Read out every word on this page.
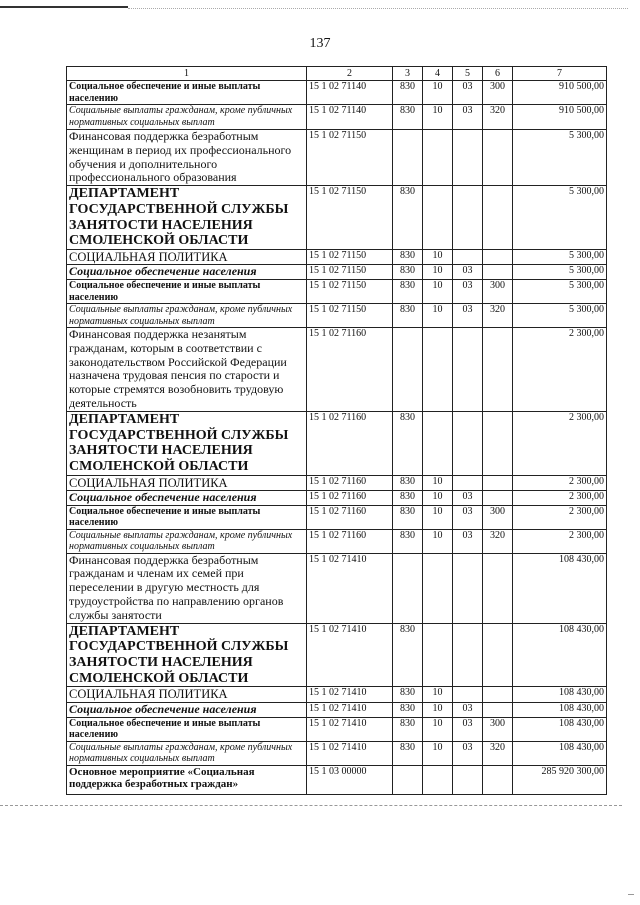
137
1	2	3	4	5	6	7
Социальное обеспечение и иные выплаты населению	15 1 02 71140	830	10	03	300	910 500,00
Социальные выплаты гражданам, кроме публичных нормативных социальных выплат	15 1 02 71140	830	10	03	320	910 500,00
Финансовая поддержка безработным женщинам в период их профессионального обучения и дополнительного профессионального образования	15 1 02 71150					5 300,00
ДЕПАРТАМЕНТ ГОСУДАРСТВЕННОЙ СЛУЖБЫ ЗАНЯТОСТИ НАСЕЛЕНИЯ СМОЛЕНСКОЙ ОБЛАСТИ	15 1 02 71150	830				5 300,00
СОЦИАЛЬНАЯ ПОЛИТИКА	15 1 02 71150	830	10			5 300,00
Социальное обеспечение населения	15 1 02 71150	830	10	03		5 300,00
Социальное обеспечение и иные выплаты населению	15 1 02 71150	830	10	03	300	5 300,00
Социальные выплаты гражданам, кроме публичных нормативных социальных выплат	15 1 02 71150	830	10	03	320	5 300,00
Финансовая поддержка незанятым гражданам, которым в соответствии с законодательством Российской Федерации назначена трудовая пенсия по старости и которые стремятся возобновить трудовую деятельность	15 1 02 71160					2 300,00
ДЕПАРТАМЕНТ ГОСУДАРСТВЕННОЙ СЛУЖБЫ ЗАНЯТОСТИ НАСЕЛЕНИЯ СМОЛЕНСКОЙ ОБЛАСТИ	15 1 02 71160	830				2 300,00
СОЦИАЛЬНАЯ ПОЛИТИКА	15 1 02 71160	830	10			2 300,00
Социальное обеспечение населения	15 1 02 71160	830	10	03		2 300,00
Социальное обеспечение и иные выплаты населению	15 1 02 71160	830	10	03	300	2 300,00
Социальные выплаты гражданам, кроме публичных нормативных социальных выплат	15 1 02 71160	830	10	03	320	2 300,00
Финансовая поддержка безработным гражданам и членам их семей при переселении в другую местность для трудоустройства по направлению органов службы занятости	15 1 02 71410					108 430,00
ДЕПАРТАМЕНТ ГОСУДАРСТВЕННОЙ СЛУЖБЫ ЗАНЯТОСТИ НАСЕЛЕНИЯ СМОЛЕНСКОЙ ОБЛАСТИ	15 1 02 71410	830				108 430,00
СОЦИАЛЬНАЯ ПОЛИТИКА	15 1 02 71410	830	10			108 430,00
Социальное обеспечение населения	15 1 02 71410	830	10	03		108 430,00
Социальное обеспечение и иные выплаты населению	15 1 02 71410	830	10	03	300	108 430,00
Социальные выплаты гражданам, кроме публичных нормативных социальных выплат	15 1 02 71410	830	10	03	320	108 430,00
Основное мероприятие «Социальная поддержка безработных граждан»	15 1 03 00000					285 920 300,00
